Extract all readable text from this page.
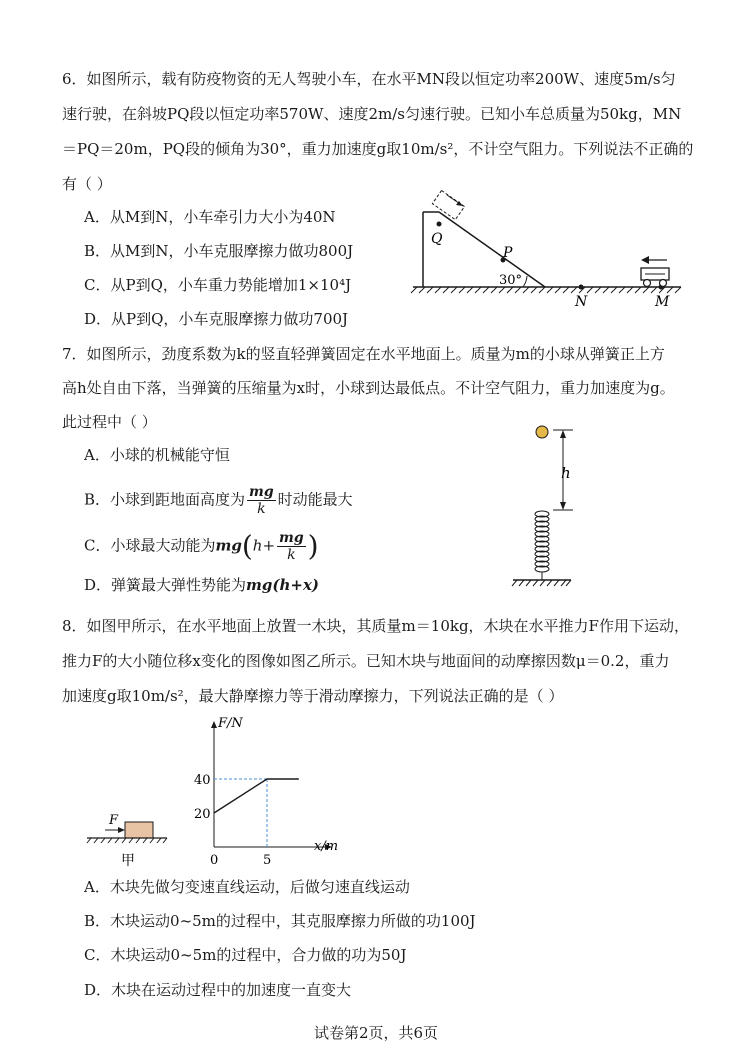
6．如图所示，载有防疫物资的无人驾驶小车，在水平MN段以恒定功率200W、速度5m/s匀
速行驶，在斜坡PQ段以恒定功率570W、速度2m/s匀速行驶。已知小车总质量为50kg，MN
＝PQ＝20m，PQ段的倾角为30°，重力加速度g取10m/s²，不计空气阻力。下列说法不正确的
有（ ）
A．从M到N，小车牵引力大小为40N
B．从M到N，小车克服摩擦力做功800J
C．从P到Q，小车重力势能增加1×10⁴J
D．从P到Q，小车克服摩擦力做功700J
Q
P
30°
N	M
7．如图所示，劲度系数为k的竖直轻弹簧固定在水平地面上。质量为m的小球从弹簧正上方
高h处自由下落，当弹簧的压缩量为x时，小球到达最低点。不计空气阻力，重力加速度为g。
此过程中（ ）
A．小球的机械能守恒
B．小球到距地面高度为 $\frac{mg}{k}$ 时动能最大
C．小球最大动能为$mg(h+ \frac{mg}{k}$ )
D．弹簧最大弹性势能为mg(h+x)
h
8．如图甲所示，在水平地面上放置一木块，其质量m＝10kg，木块在水平推力F作用下运动，
推力F的大小随位移x变化的图像如图乙所示。已知木块与地面间的动摩擦因数μ＝0.2，重力
加速度g取10m/s²，最大静摩擦力等于滑动摩擦力，下列说法正确的是（ ）
F
甲
F/N
x/m
40
20
0	5
A．木块先做匀变速直线运动，后做匀速直线运动
B．木块运动0~5m的过程中，其克服摩擦力所做的功100J
C．木块运动0~5m的过程中，合力做的功为50J
D．木块在运动过程中的加速度一直变大
试卷第2页，共6页
